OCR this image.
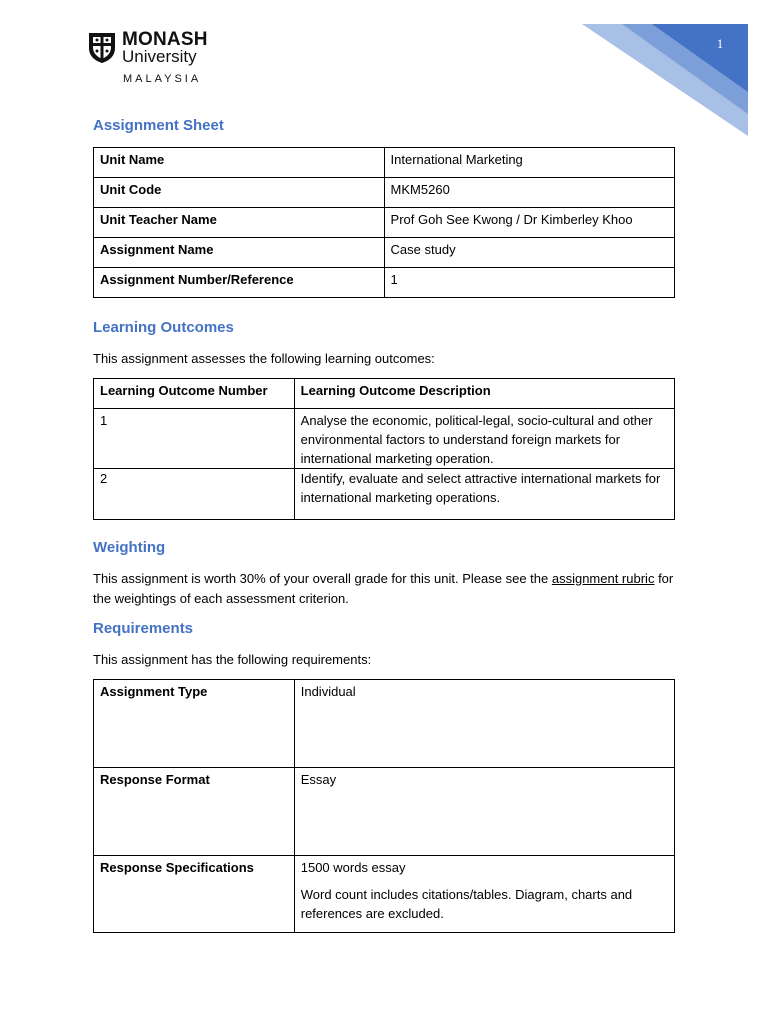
MONASH
University
MALAYSIA
1
Assignment Sheet
Unit Name	International Marketing
Unit Code	MKM5260
Unit Teacher Name	Prof Goh See Kwong / Dr Kimberley Khoo
Assignment Name	Case study
Assignment Number/Reference	1
Learning Outcomes
This assignment assesses the following learning outcomes:
Learning Outcome Number	Learning Outcome Description
1	Analyse the economic, political-legal, socio-cultural and other environmental factors to understand foreign markets for international marketing operation.
2	Identify, evaluate and select attractive international markets for international marketing operations.
Weighting
This assignment is worth 30% of your overall grade for this unit. Please see the assignment rubric for the weightings of each assessment criterion.
Requirements
This assignment has the following requirements:
Assignment Type	Individual
Response Format	Essay
Response Specifications	1500 words essay

Word count includes citations/tables. Diagram, charts and references are excluded.
